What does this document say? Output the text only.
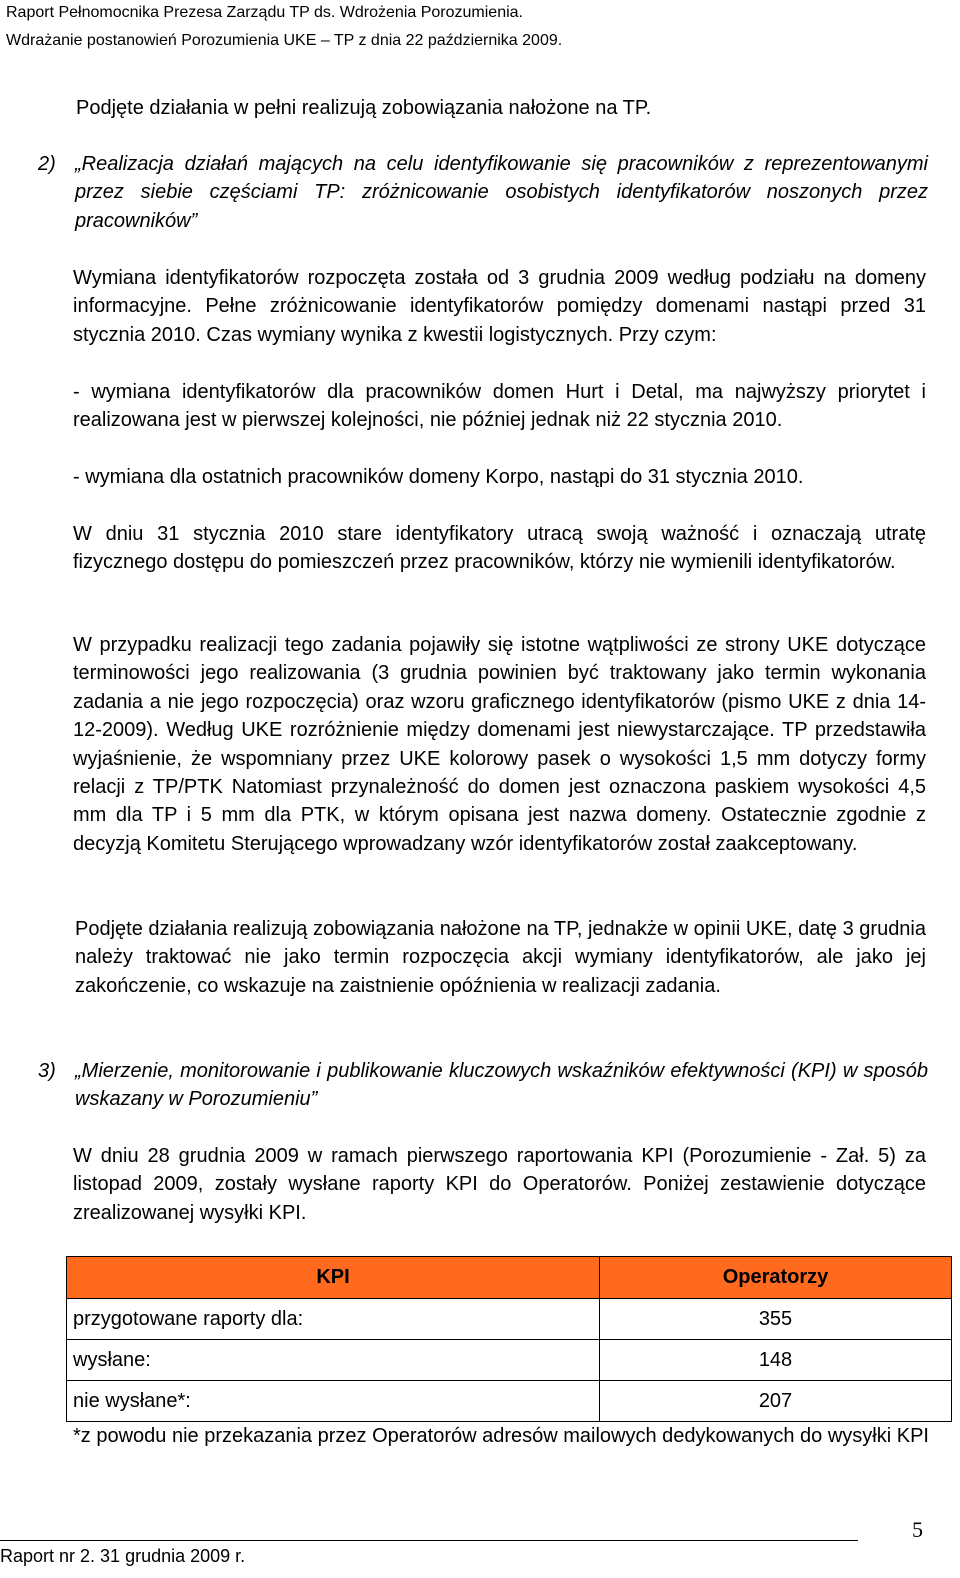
Raport Pełnomocnika Prezesa Zarządu TP ds. Wdrożenia Porozumienia.
Wdrażanie postanowień Porozumienia UKE – TP z dnia 22 października 2009.
Podjęte działania w pełni realizują zobowiązania nałożone na TP.
2) „Realizacja działań mających na celu identyfikowanie się pracowników z reprezentowanymi przez siebie częściami TP: zróżnicowanie osobistych identyfikatorów noszonych przez pracowników”
Wymiana identyfikatorów rozpoczęta została od 3 grudnia 2009 według podziału na domeny informacyjne. Pełne zróżnicowanie identyfikatorów pomiędzy domenami nastąpi przed 31 stycznia 2010. Czas wymiany wynika z kwestii logistycznych. Przy czym:
- wymiana identyfikatorów dla pracowników domen Hurt i Detal, ma najwyższy priorytet i realizowana jest w pierwszej kolejności, nie później jednak niż 22 stycznia 2010.
- wymiana dla ostatnich pracowników domeny Korpo, nastąpi do 31 stycznia 2010.
W dniu 31 stycznia 2010 stare identyfikatory utracą swoją ważność i oznaczają utratę fizycznego dostępu do pomieszczeń przez pracowników, którzy nie wymienili identyfikatorów.
W przypadku realizacji tego zadania pojawiły się istotne wątpliwości ze strony UKE dotyczące terminowości jego realizowania (3 grudnia powinien być traktowany jako termin wykonania zadania a nie jego rozpoczęcia) oraz wzoru graficznego identyfikatorów (pismo UKE z dnia 14-12-2009). Według UKE rozróżnienie między domenami jest niewystarczające. TP przedstawiła wyjaśnienie, że wspomniany przez UKE kolorowy pasek o wysokości 1,5 mm dotyczy formy relacji z TP/PTK Natomiast przynależność do domen jest oznaczona paskiem wysokości 4,5 mm dla TP i 5 mm dla PTK, w którym opisana jest nazwa domeny. Ostatecznie zgodnie z decyzją Komitetu Sterującego wprowadzany wzór identyfikatorów został zaakceptowany.
Podjęte działania realizują zobowiązania nałożone na TP, jednakże w opinii UKE, datę 3 grudnia należy traktować nie jako termin rozpoczęcia akcji wymiany identyfikatorów, ale jako jej zakończenie, co wskazuje na zaistnienie opóźnienia w realizacji zadania.
3) „Mierzenie, monitorowanie i publikowanie kluczowych wskaźników efektywności (KPI) w sposób wskazany w Porozumieniu”
W dniu 28 grudnia 2009 w ramach pierwszego raportowania KPI (Porozumienie - Zał. 5) za listopad 2009, zostały wysłane raporty KPI do Operatorów. Poniżej zestawienie dotyczące zrealizowanej wysyłki KPI.
KPI	Operatorzy
przygotowane raporty dla:	355
wysłane:	148
nie wysłane*:	207
*z powodu nie przekazania przez Operatorów adresów mailowych dedykowanych do wysyłki KPI
5
Raport nr 2. 31 grudnia 2009 r.
